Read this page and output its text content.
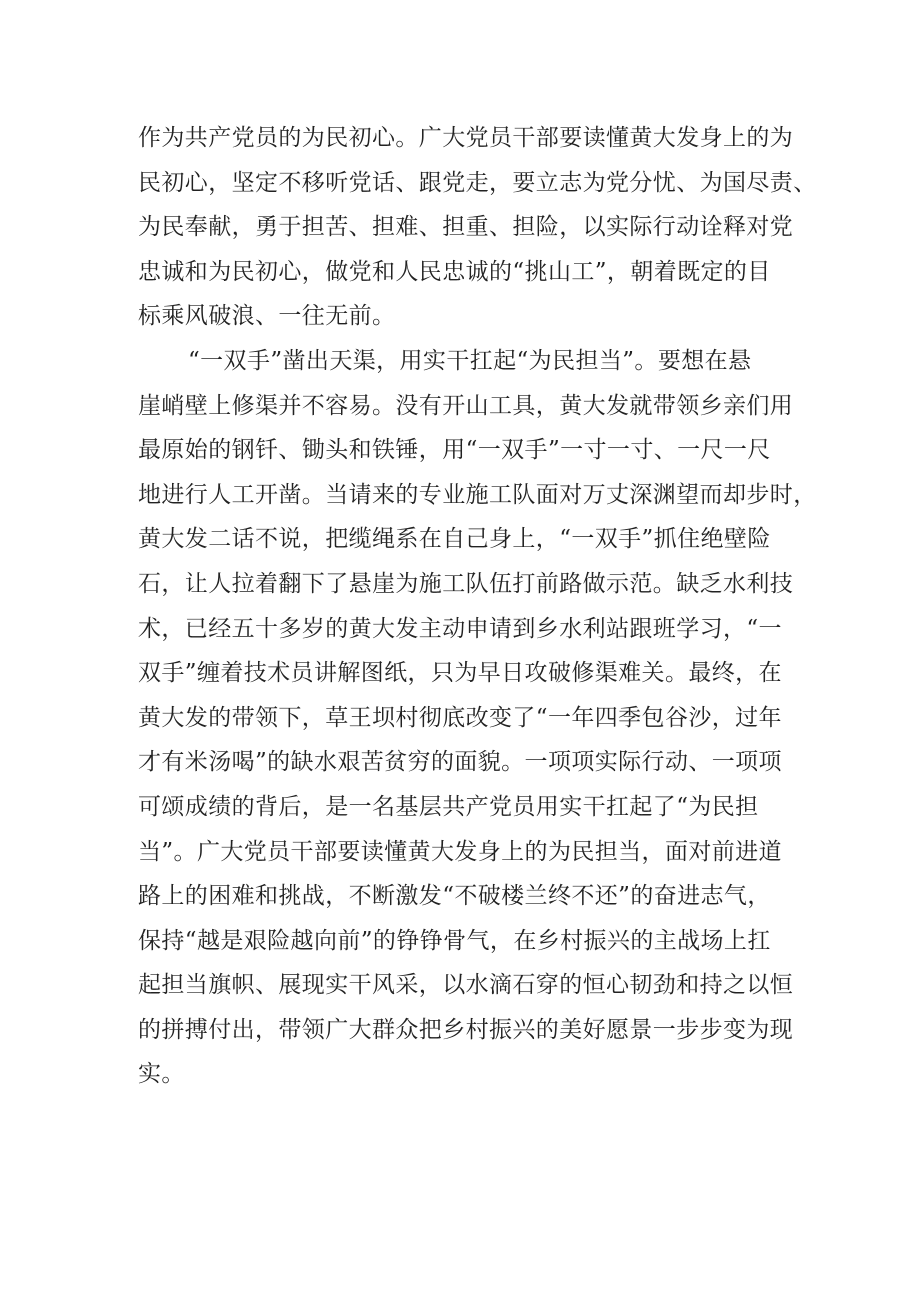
作为共产党员的为民初心。广大党员干部要读懂黄大发身上的为
民初心，坚定不移听党话、跟党走，要立志为党分忧、为国尽责、
为民奉献，勇于担苦、担难、担重、担险，以实际行动诠释对党
忠诚和为民初心，做党和人民忠诚的“挑山工”，朝着既定的目
标乘风破浪、一往无前。
“一双手”凿出天渠，用实干扛起“为民担当”。要想在悬
崖峭壁上修渠并不容易。没有开山工具，黄大发就带领乡亲们用
最原始的钢钎、锄头和铁锤，用“一双手”一寸一寸、一尺一尺
地进行人工开凿。当请来的专业施工队面对万丈深渊望而却步时，
黄大发二话不说，把缆绳系在自己身上，“一双手”抓住绝壁险
石，让人拉着翻下了悬崖为施工队伍打前路做示范。缺乏水利技
术，已经五十多岁的黄大发主动申请到乡水利站跟班学习，“一
双手”缠着技术员讲解图纸，只为早日攻破修渠难关。最终，在
黄大发的带领下，草王坝村彻底改变了“一年四季包谷沙，过年
才有米汤喝”的缺水艰苦贫穷的面貌。一项项实际行动、一项项
可颂成绩的背后，是一名基层共产党员用实干扛起了“为民担
当”。广大党员干部要读懂黄大发身上的为民担当，面对前进道
路上的困难和挑战，不断激发“不破楼兰终不还”的奋进志气，
保持“越是艰险越向前”的铮铮骨气，在乡村振兴的主战场上扛
起担当旗帜、展现实干风采，以水滴石穿的恒心韧劲和持之以恒
的拼搏付出，带领广大群众把乡村振兴的美好愿景一步步变为现
实。
